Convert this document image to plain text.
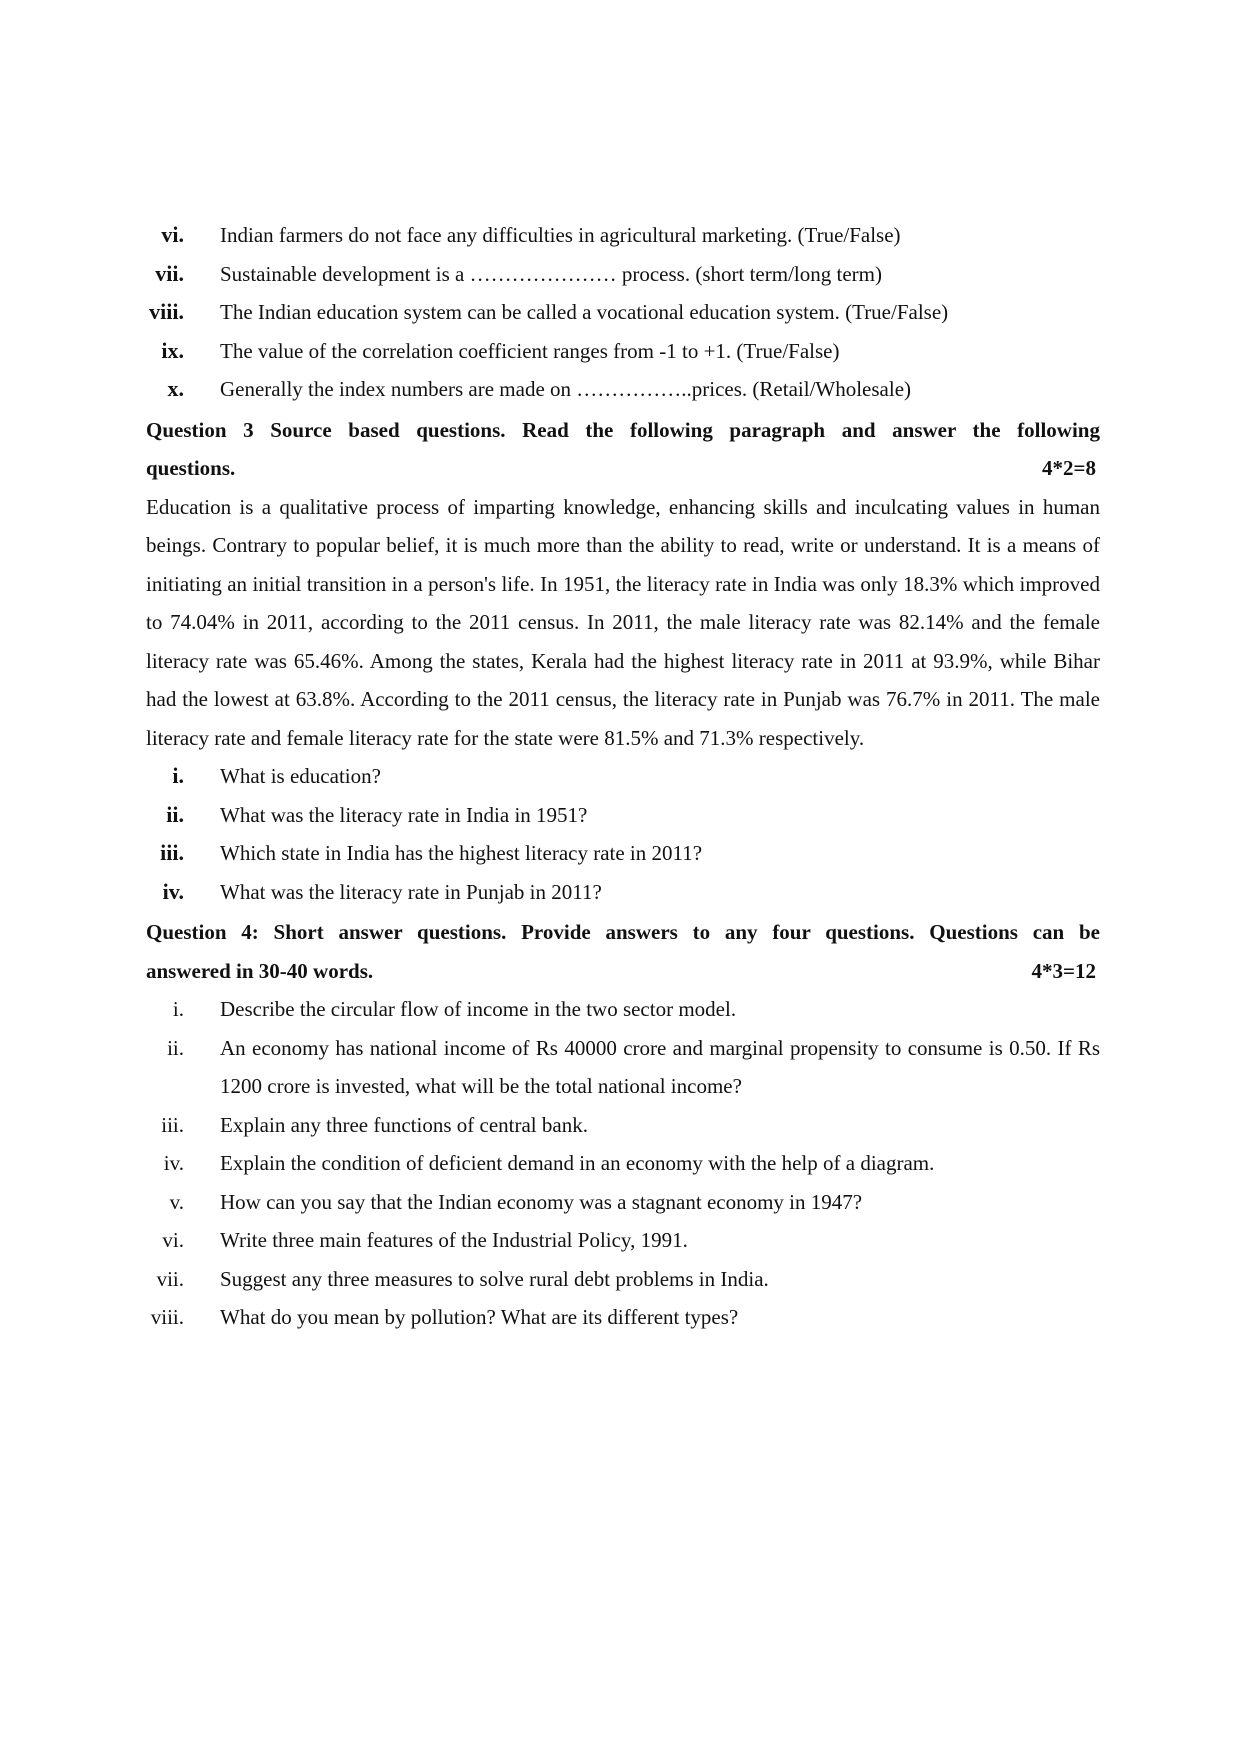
vi. Indian farmers do not face any difficulties in agricultural marketing. (True/False)
vii. Sustainable development is a ………………… process. (short term/long term)
viii. The Indian education system can be called a vocational education system. (True/False)
ix. The value of the correlation coefficient ranges from -1 to +1. (True/False)
x. Generally the index numbers are made on ……………..prices. (Retail/Wholesale)
Question 3 Source based questions. Read the following paragraph and answer the following
questions.	4*2=8
Education is a qualitative process of imparting knowledge, enhancing skills and inculcating values in human beings. Contrary to popular belief, it is much more than the ability to read, write or understand. It is a means of initiating an initial transition in a person's life. In 1951, the literacy rate in India was only 18.3% which improved to 74.04% in 2011, according to the 2011 census. In 2011, the male literacy rate was 82.14% and the female literacy rate was 65.46%. Among the states, Kerala had the highest literacy rate in 2011 at 93.9%, while Bihar had the lowest at 63.8%. According to the 2011 census, the literacy rate in Punjab was 76.7% in 2011. The male literacy rate and female literacy rate for the state were 81.5% and 71.3% respectively.
i. What is education?
ii. What was the literacy rate in India in 1951?
iii. Which state in India has the highest literacy rate in 2011?
iv. What was the literacy rate in Punjab in 2011?
Question 4: Short answer questions. Provide answers to any four questions. Questions can be
answered in 30-40 words.	4*3=12
i. Describe the circular flow of income in the two sector model.
ii. An economy has national income of Rs 40000 crore and marginal propensity to consume is 0.50. If Rs 1200 crore is invested, what will be the total national income?
iii. Explain any three functions of central bank.
iv. Explain the condition of deficient demand in an economy with the help of a diagram.
v. How can you say that the Indian economy was a stagnant economy in 1947?
vi. Write three main features of the Industrial Policy, 1991.
vii. Suggest any three measures to solve rural debt problems in India.
viii. What do you mean by pollution? What are its different types?
